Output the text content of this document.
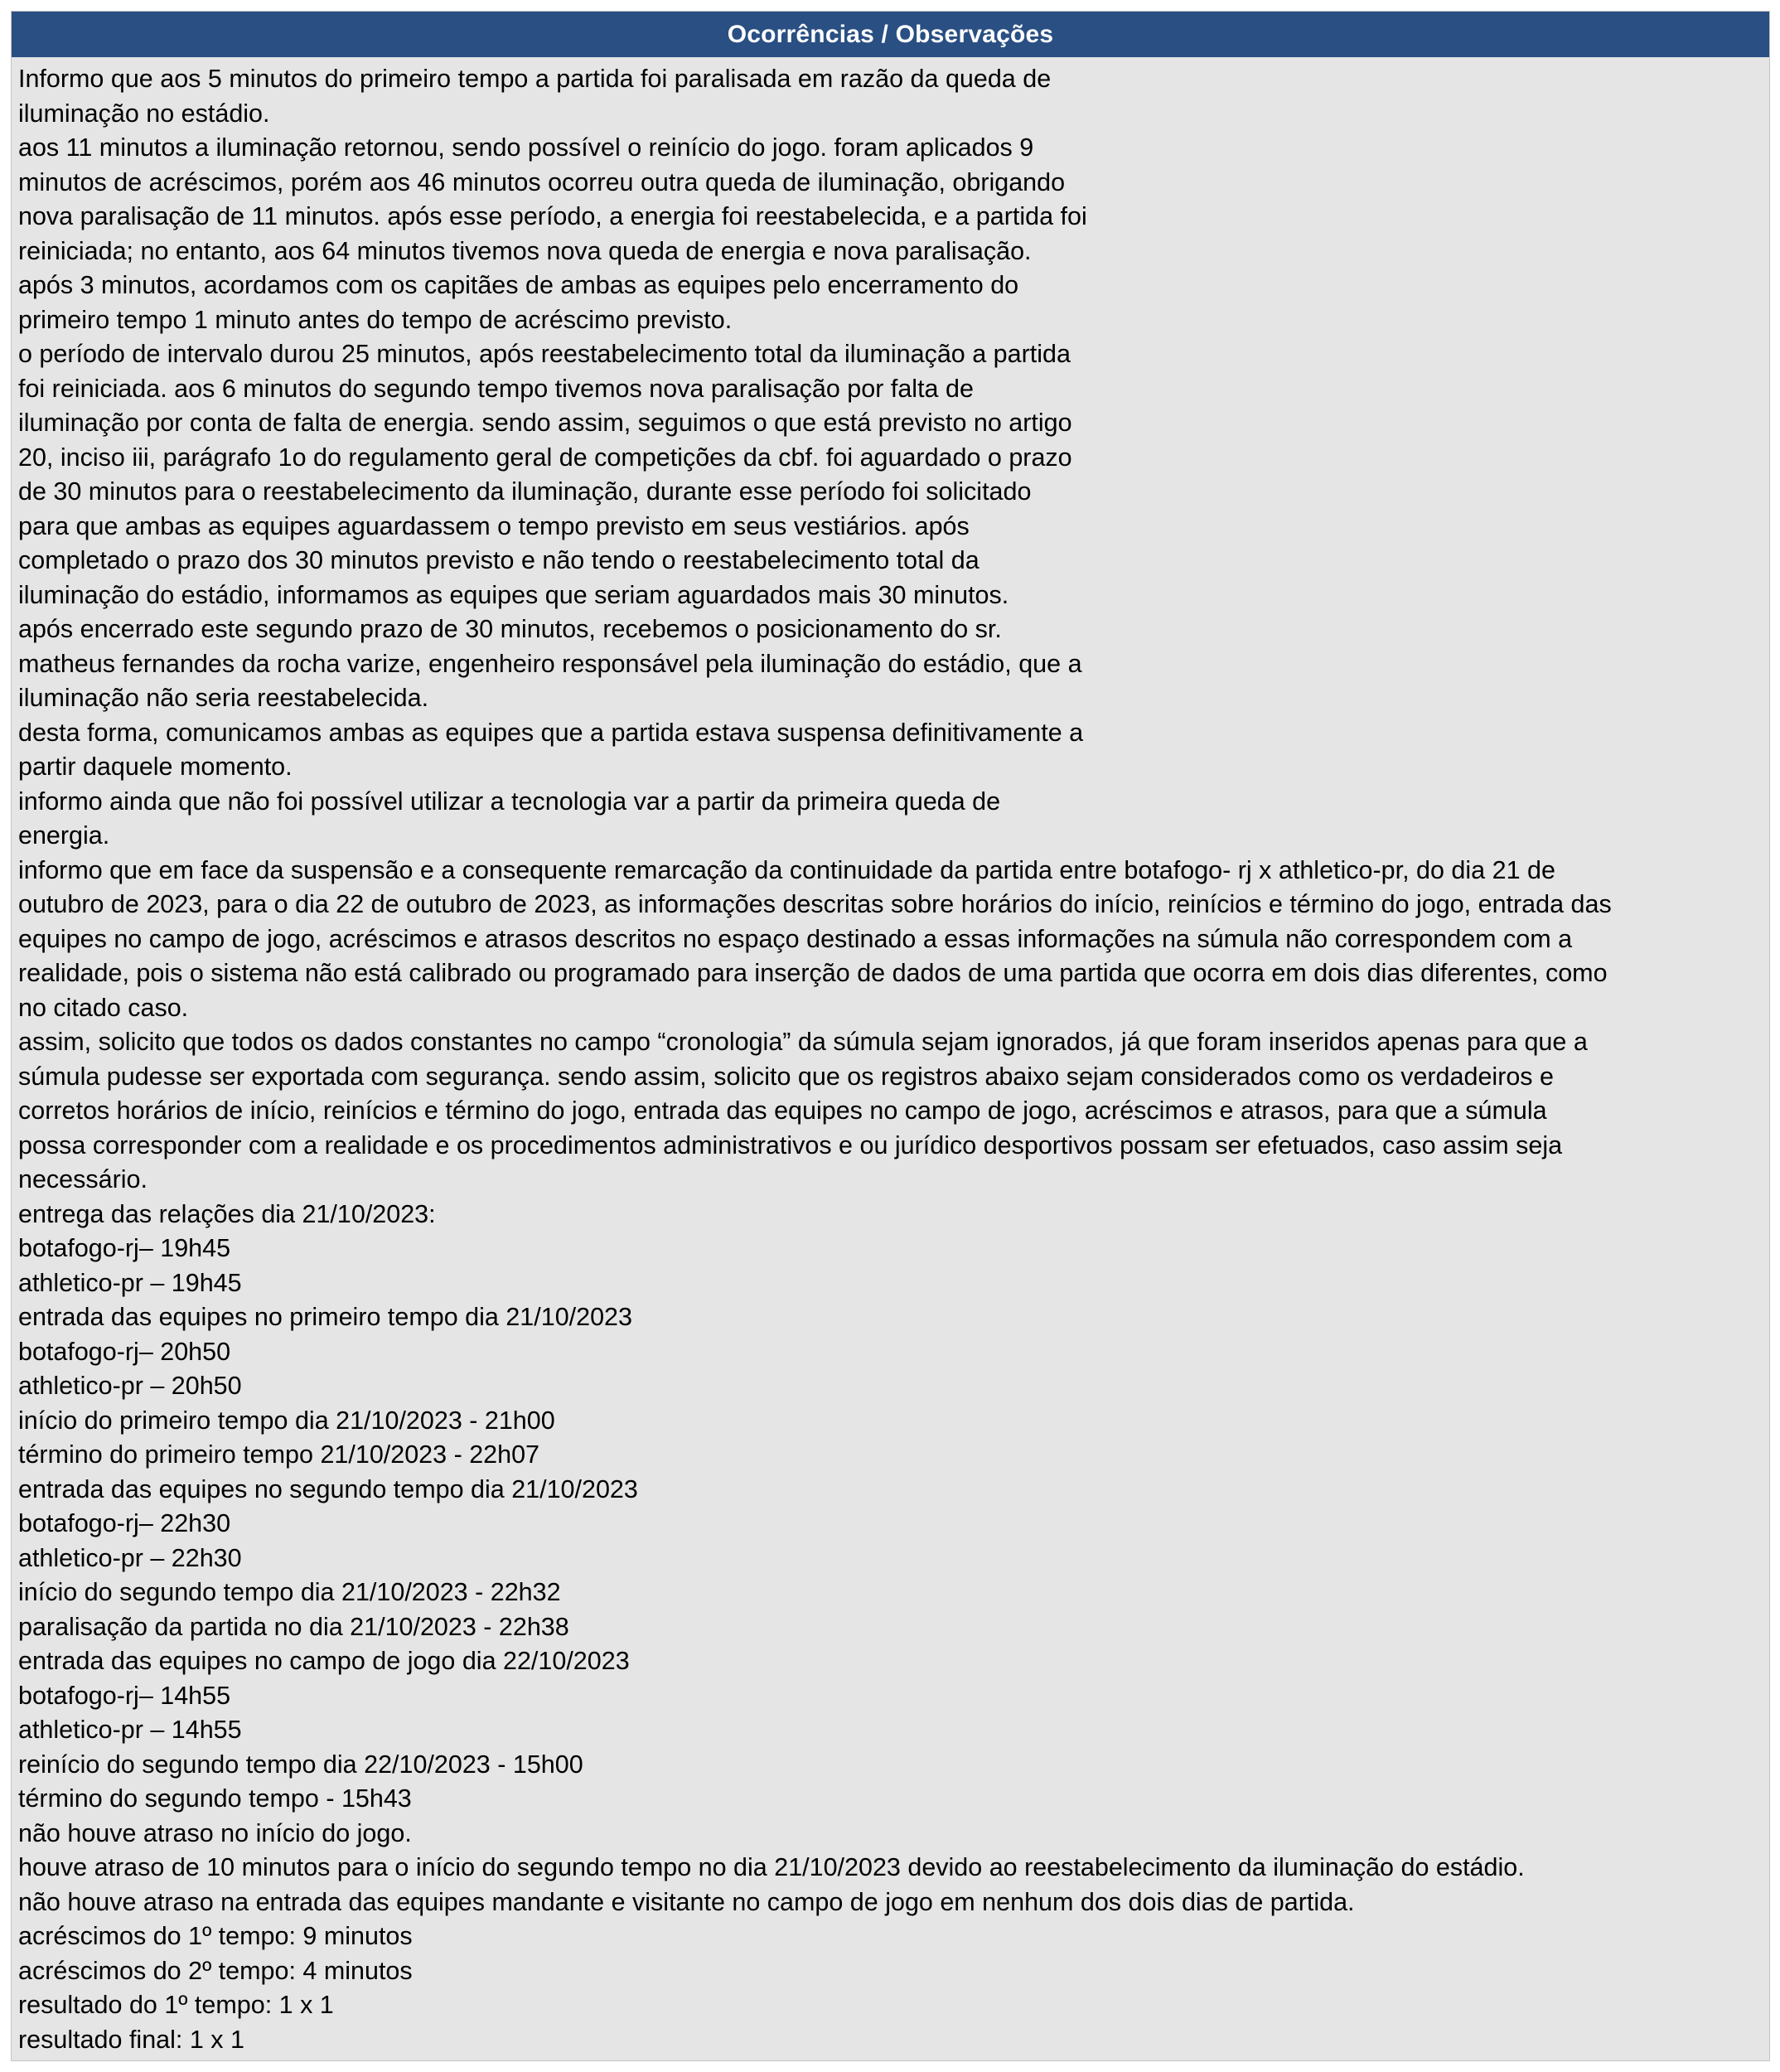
Ocorrências / Observações
Informo que aos 5 minutos do primeiro tempo a partida foi paralisada em razão da queda de
iluminação no estádio.
aos 11 minutos a iluminação retornou, sendo possível o reinício do jogo. foram aplicados 9
minutos de acréscimos, porém aos 46 minutos ocorreu outra queda de iluminação, obrigando
nova paralisação de 11 minutos. após esse período, a energia foi reestabelecida, e a partida foi
reiniciada; no entanto, aos 64 minutos tivemos nova queda de energia e nova paralisação.
após 3 minutos, acordamos com os capitães de ambas as equipes pelo encerramento do
primeiro tempo 1 minuto antes do tempo de acréscimo previsto.
o período de intervalo durou 25 minutos, após reestabelecimento total da iluminação a partida
foi reiniciada. aos 6 minutos do segundo tempo tivemos nova paralisação por falta de
iluminação por conta de falta de energia. sendo assim, seguimos o que está previsto no artigo
20, inciso iii, parágrafo 1o do regulamento geral de competições da cbf. foi aguardado o prazo
de 30 minutos para o reestabelecimento da iluminação, durante esse período foi solicitado
para que ambas as equipes aguardassem o tempo previsto em seus vestiários. após
completado o prazo dos 30 minutos previsto e não tendo o reestabelecimento total da
iluminação do estádio, informamos as equipes que seriam aguardados mais 30 minutos.
após encerrado este segundo prazo de 30 minutos, recebemos o posicionamento do sr.
matheus fernandes da rocha varize, engenheiro responsável pela iluminação do estádio, que a
iluminação não seria reestabelecida.
desta forma, comunicamos ambas as equipes que a partida estava suspensa definitivamente a
partir daquele momento.
informo ainda que não foi possível utilizar a tecnologia var a partir da primeira queda de
energia.
informo que em face da suspensão e a consequente remarcação da continuidade da partida entre botafogo- rj x athletico-pr, do dia 21 de
outubro de 2023, para o dia 22 de outubro de 2023, as informações descritas sobre horários do início, reinícios e término do jogo, entrada das
equipes no campo de jogo, acréscimos e atrasos descritos no espaço destinado a essas informações na súmula não correspondem com a
realidade, pois o sistema não está calibrado ou programado para inserção de dados de uma partida que ocorra em dois dias diferentes, como
no citado caso.
assim, solicito que todos os dados constantes no campo “cronologia” da súmula sejam ignorados, já que foram inseridos apenas para que a
súmula pudesse ser exportada com segurança. sendo assim, solicito que os registros abaixo sejam considerados como os verdadeiros e
corretos horários de início, reinícios e término do jogo, entrada das equipes no campo de jogo, acréscimos e atrasos, para que a súmula
possa corresponder com a realidade e os procedimentos administrativos e ou jurídico desportivos possam ser efetuados, caso assim seja
necessário.
entrega das relações dia 21/10/2023:
botafogo-rj– 19h45
athletico-pr – 19h45
entrada das equipes no primeiro tempo dia 21/10/2023
botafogo-rj– 20h50
athletico-pr – 20h50
início do primeiro tempo dia 21/10/2023 - 21h00
término do primeiro tempo 21/10/2023 - 22h07
entrada das equipes no segundo tempo dia 21/10/2023
botafogo-rj– 22h30
athletico-pr – 22h30
início do segundo tempo dia 21/10/2023 - 22h32
paralisação da partida no dia 21/10/2023 - 22h38
entrada das equipes no campo de jogo dia 22/10/2023
botafogo-rj– 14h55
athletico-pr – 14h55
reinício do segundo tempo dia 22/10/2023 - 15h00
término do segundo tempo - 15h43
não houve atraso no início do jogo.
houve atraso de 10 minutos para o início do segundo tempo no dia 21/10/2023 devido ao reestabelecimento da iluminação do estádio.
não houve atraso na entrada das equipes mandante e visitante no campo de jogo em nenhum dos dois dias de partida.
acréscimos do 1º tempo: 9 minutos
acréscimos do 2º tempo: 4 minutos
resultado do 1º tempo: 1 x 1
resultado final: 1 x 1
